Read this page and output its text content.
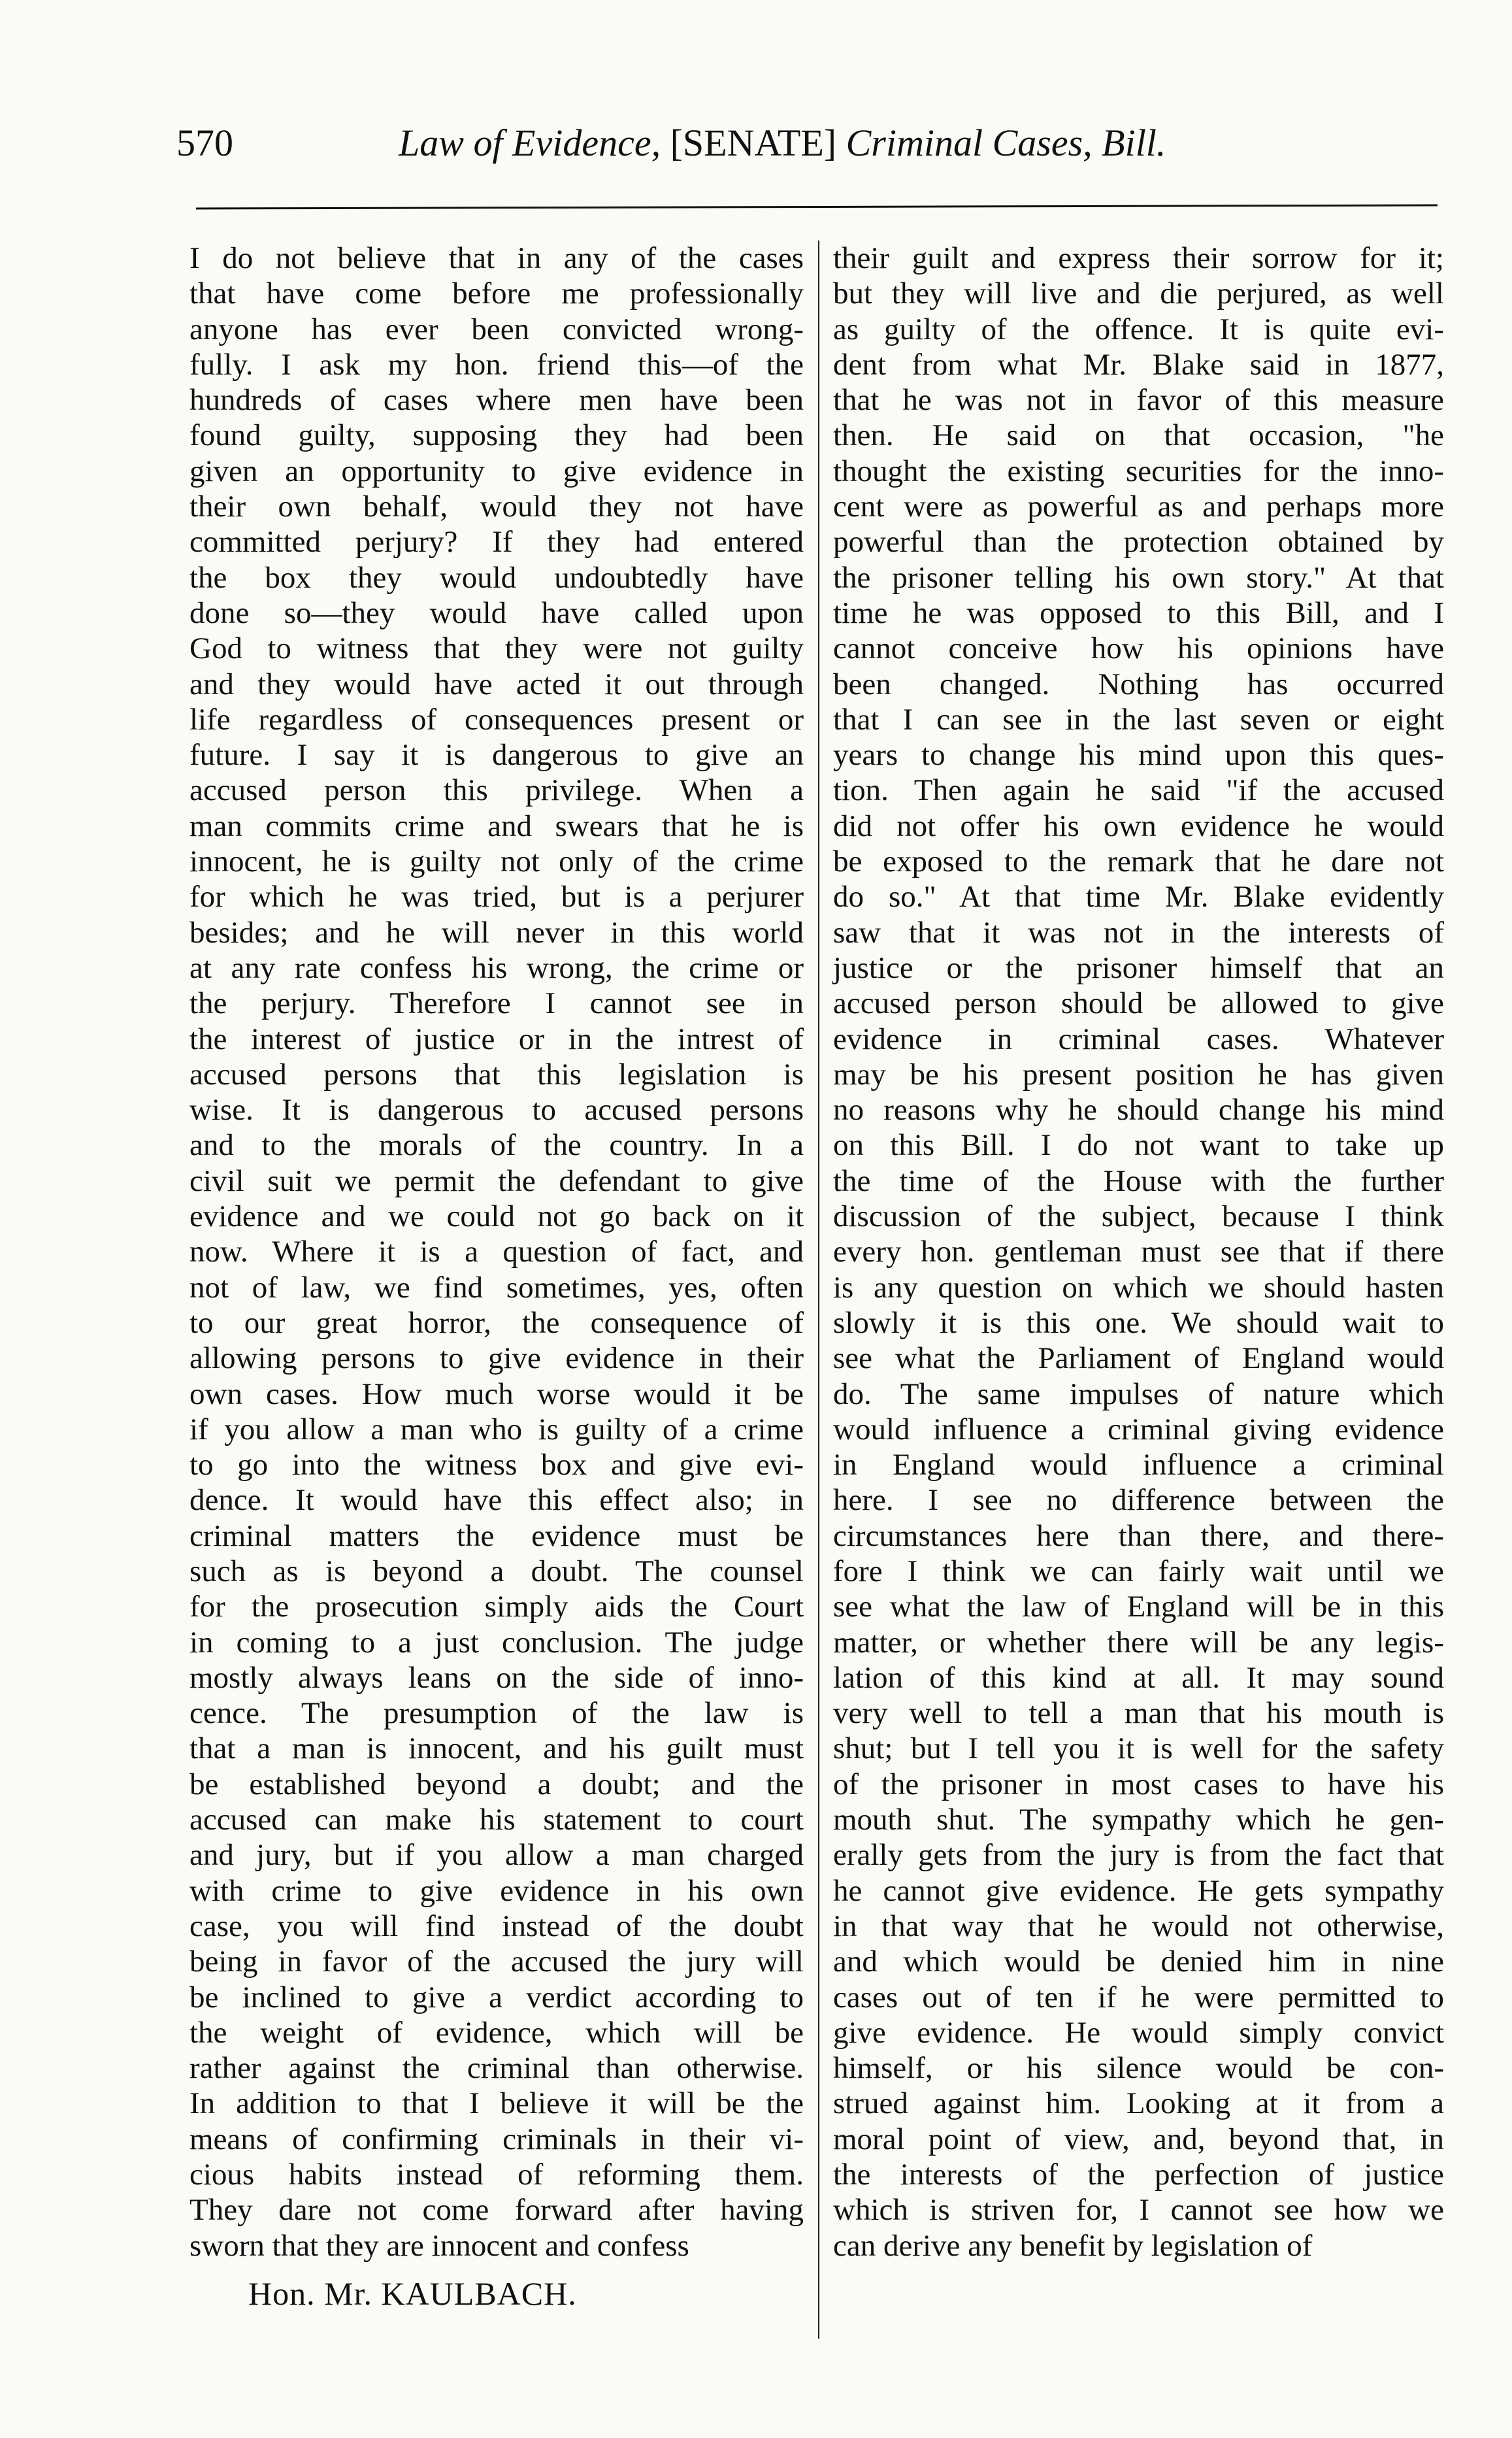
570	Law of Evidence, [SENATE] Criminal Cases, Bill.
I do not believe that in any of the cases
that have come before me professionally
anyone has ever been convicted wrong-
fully. I ask my hon. friend this—of the
hundreds of cases where men have been
found guilty, supposing they had been
given an opportunity to give evidence in
their own behalf, would they not have
committed perjury? If they had entered
the box they would undoubtedly have
done so—they would have called upon
God to witness that they were not guilty
and they would have acted it out through
life regardless of consequences present or
future. I say it is dangerous to give an
accused person this privilege. When a
man commits crime and swears that he is
innocent, he is guilty not only of the crime
for which he was tried, but is a perjurer
besides; and he will never in this world
at any rate confess his wrong, the crime or
the perjury. Therefore I cannot see in
the interest of justice or in the intrest of
accused persons that this legislation is
wise. It is dangerous to accused persons
and to the morals of the country. In a
civil suit we permit the defendant to give
evidence and we could not go back on it
now. Where it is a question of fact, and
not of law, we find sometimes, yes, often
to our great horror, the consequence of
allowing persons to give evidence in their
own cases. How much worse would it be
if you allow a man who is guilty of a crime
to go into the witness box and give evi-
dence. It would have this effect also; in
criminal matters the evidence must be
such as is beyond a doubt. The counsel
for the prosecution simply aids the Court
in coming to a just conclusion. The judge
mostly always leans on the side of inno-
cence. The presumption of the law is
that a man is innocent, and his guilt must
be established beyond a doubt; and the
accused can make his statement to court
and jury, but if you allow a man charged
with crime to give evidence in his own
case, you will find instead of the doubt
being in favor of the accused the jury will
be inclined to give a verdict according to
the weight of evidence, which will be
rather against the criminal than otherwise.
In addition to that I believe it will be the
means of confirming criminals in their vi-
cious habits instead of reforming them.
They dare not come forward after having
sworn that they are innocent and confess
their guilt and express their sorrow for it;
but they will live and die perjured, as well
as guilty of the offence. It is quite evi-
dent from what Mr. Blake said in 1877,
that he was not in favor of this measure
then. He said on that occasion, "he
thought the existing securities for the inno-
cent were as powerful as and perhaps more
powerful than the protection obtained by
the prisoner telling his own story." At that
time he was opposed to this Bill, and I
cannot conceive how his opinions have
been changed. Nothing has occurred
that I can see in the last seven or eight
years to change his mind upon this ques-
tion. Then again he said "if the accused
did not offer his own evidence he would
be exposed to the remark that he dare not
do so." At that time Mr. Blake evidently
saw that it was not in the interests of
justice or the prisoner himself that an
accused person should be allowed to give
evidence in criminal cases. Whatever
may be his present position he has given
no reasons why he should change his mind
on this Bill. I do not want to take up
the time of the House with the further
discussion of the subject, because I think
every hon. gentleman must see that if there
is any question on which we should hasten
slowly it is this one. We should wait to
see what the Parliament of England would
do. The same impulses of nature which
would influence a criminal giving evidence
in England would influence a criminal
here. I see no difference between the
circumstances here than there, and there-
fore I think we can fairly wait until we
see what the law of England will be in this
matter, or whether there will be any legis-
lation of this kind at all. It may sound
very well to tell a man that his mouth is
shut; but I tell you it is well for the safety
of the prisoner in most cases to have his
mouth shut. The sympathy which he gen-
erally gets from the jury is from the fact that
he cannot give evidence. He gets sympathy
in that way that he would not otherwise,
and which would be denied him in nine
cases out of ten if he were permitted to
give evidence. He would simply convict
himself, or his silence would be con-
strued against him. Looking at it from a
moral point of view, and, beyond that, in
the interests of the perfection of justice
which is striven for, I cannot see how we
can derive any benefit by legislation of
Hon. Mr. KAULBACH.
